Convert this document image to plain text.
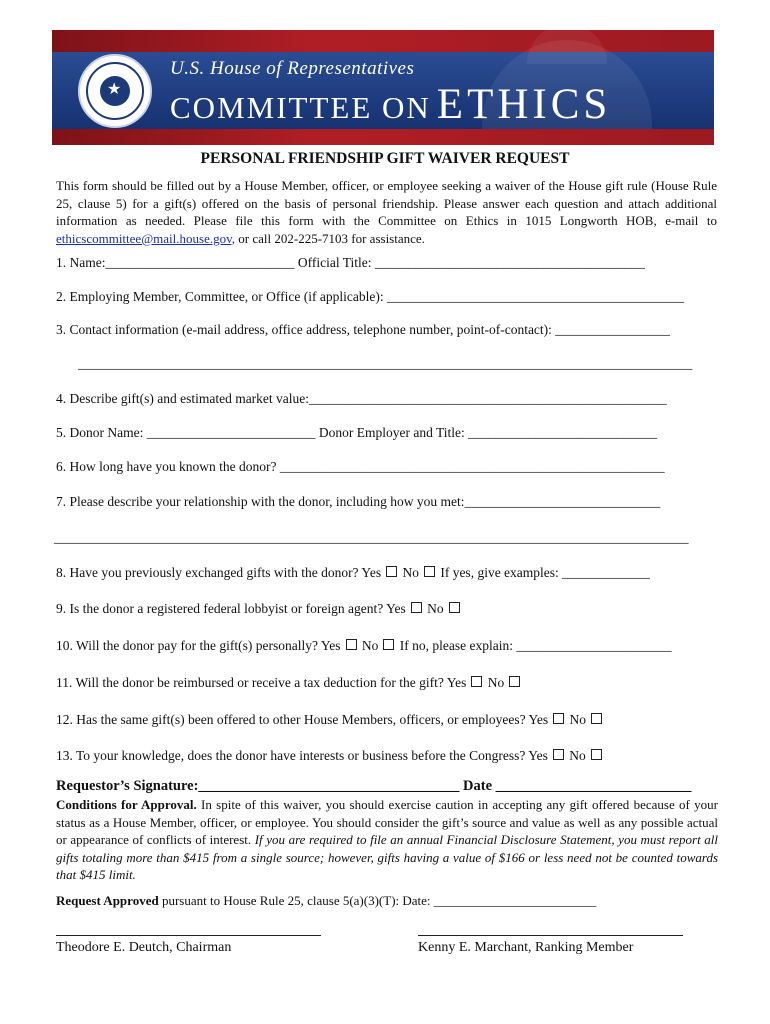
★
U.S. House of Representatives
COMMITTEE ON ETHICS
PERSONAL FRIENDSHIP GIFT WAIVER REQUEST
This form should be filled out by a House Member, officer, or employee seeking a waiver of the House gift rule (House Rule 25, clause 5) for a gift(s) offered on the basis of personal friendship. Please answer each question and attach additional information as needed. Please file this form with the Committee on Ethics in 1015 Longworth HOB, e-mail to ethicscommittee@mail.house.gov, or call 202-225-7103 for assistance.
1. Name:____________________________ Official Title: ________________________________________
2. Employing Member, Committee, or Office (if applicable): ____________________________________________
3. Contact information (e-mail address, office address, telephone number, point-of-contact): _________________
___________________________________________________________________________________________
4. Describe gift(s) and estimated market value:_____________________________________________________
5. Donor Name: _________________________ Donor Employer and Title: ____________________________
6. How long have you known the donor? _________________________________________________________
7. Please describe your relationship with the donor, including how you met:_____________________________
______________________________________________________________________________________________
8. Have you previously exchanged gifts with the donor? Yes No If yes, give examples: _____________
9. Is the donor a registered federal lobbyist or foreign agent? Yes No
10. Will the donor pay for the gift(s) personally? Yes No If no, please explain: _______________________
11. Will the donor be reimbursed or receive a tax deduction for the gift? Yes No
12. Has the same gift(s) been offered to other House Members, officers, or employees? Yes No
13. To your knowledge, does the donor have interests or business before the Congress? Yes No
Requestor’s Signature:____________________________________ Date ___________________________
Conditions for Approval. In spite of this waiver, you should exercise caution in accepting any gift offered because of your status as a House Member, officer, or employee. You should consider the gift’s source and value as well as any possible actual or appearance of conflicts of interest. If you are required to file an annual Financial Disclosure Statement, you must report all gifts totaling more than $415 from a single source; however, gifts having a value of $166 or less need not be counted towards that $415 limit.
Request Approved pursuant to House Rule 25, clause 5(a)(3)(T): Date: _________________________
Theodore E. Deutch, Chairman	Kenny E. Marchant, Ranking Member
